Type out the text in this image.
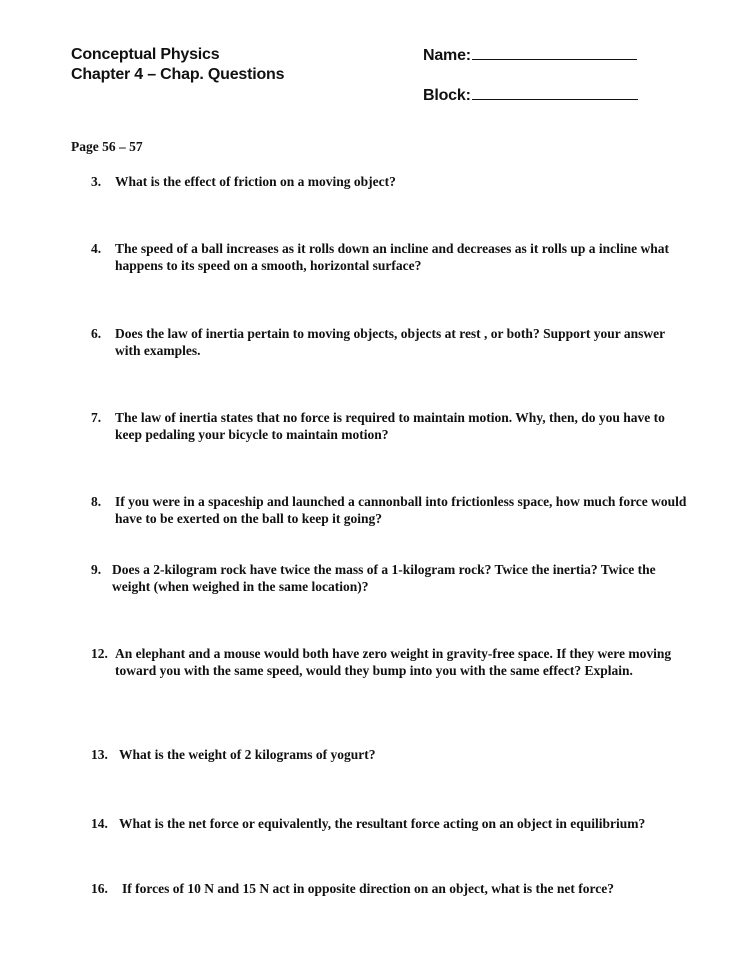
Conceptual Physics
Chapter 4 – Chap. Questions
Name:
Block:
Page 56 – 57
3. What is the effect of friction on a moving object?
4. The speed of a ball increases as it rolls down an incline and decreases as it rolls up a incline what happens to its speed on a smooth, horizontal surface?
6. Does the law of inertia pertain to moving objects, objects at rest , or both? Support your answer with examples.
7. The law of inertia states that no force is required to maintain motion. Why, then, do you have to keep pedaling your bicycle to maintain motion?
8. If you were in a spaceship and launched a cannonball into frictionless space, how much force would have to be exerted on the ball to keep it going?
9. Does a 2-kilogram rock have twice the mass of a 1-kilogram rock? Twice the inertia? Twice the weight (when weighed in the same location)?
12. An elephant and a mouse would both have zero weight in gravity-free space. If they were moving toward you with the same speed, would they bump into you with the same effect? Explain.
13. What is the weight of 2 kilograms of yogurt?
14. What is the net force or equivalently, the resultant force acting on an object in equilibrium?
16. If forces of 10 N and 15 N act in opposite direction on an object, what is the net force?
